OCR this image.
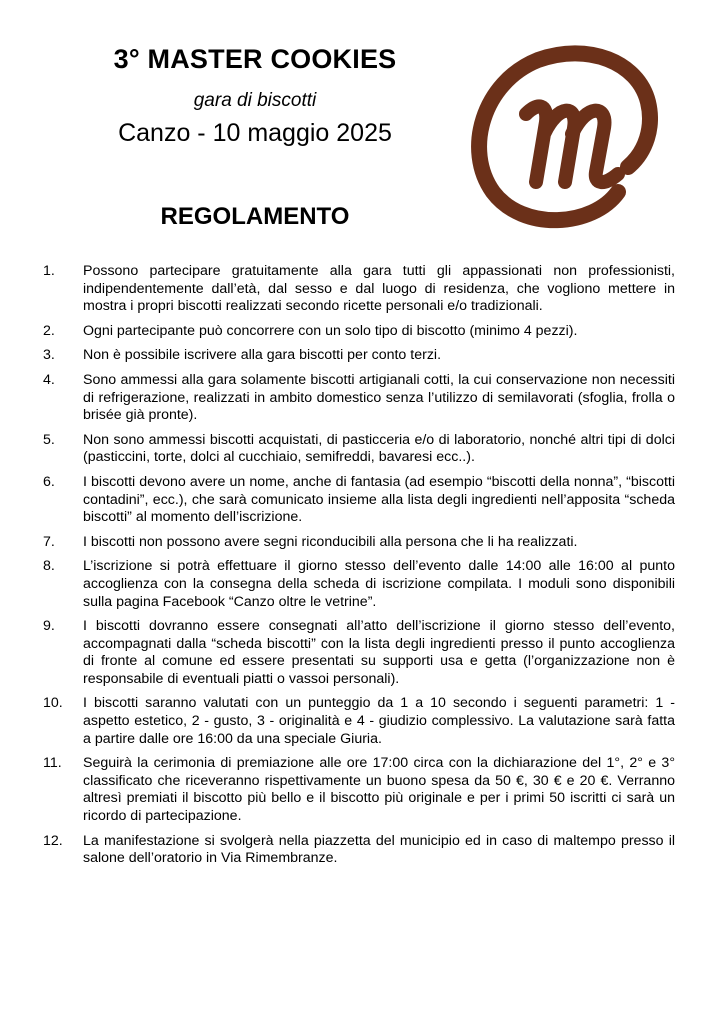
3° MASTER COOKIES
gara di biscotti
Canzo - 10 maggio 2025
REGOLAMENTO
1.	Possono partecipare gratuitamente alla gara tutti gli appassionati non professionisti, indipendentemente dall’età, dal sesso e dal luogo di residenza, che vogliono mettere in mostra i propri biscotti realizzati secondo ricette personali e/o tradizionali.
2.	Ogni partecipante può concorrere con un solo tipo di biscotto (minimo 4 pezzi).
3.	Non è possibile iscrivere alla gara biscotti per conto terzi.
4.	Sono ammessi alla gara solamente biscotti artigianali cotti, la cui conservazione non necessiti di refrigerazione, realizzati in ambito domestico senza l’utilizzo di semilavorati (sfoglia, frolla o brisée già pronte).
5.	Non sono ammessi biscotti acquistati, di pasticceria e/o di laboratorio, nonché altri tipi di dolci (pasticcini, torte, dolci al cucchiaio, semifreddi, bavaresi ecc..).
6.	I biscotti devono avere un nome, anche di fantasia (ad esempio “biscotti della nonna”, “biscotti contadini”, ecc.), che sarà comunicato insieme alla lista degli ingredienti nell’apposita “scheda biscotti” al momento dell’iscrizione.
7.	I biscotti non possono avere segni riconducibili alla persona che li ha realizzati.
8.	L’iscrizione si potrà effettuare il giorno stesso dell’evento dalle 14:00 alle 16:00 al punto accoglienza con la consegna della scheda di iscrizione compilata. I moduli sono disponibili sulla pagina Facebook “Canzo oltre le vetrine”.
9.	I biscotti dovranno essere consegnati all’atto dell’iscrizione il giorno stesso dell’evento, accompagnati dalla “scheda biscotti” con la lista degli ingredienti presso il punto accoglienza di fronte al comune ed essere presentati su supporti usa e getta (l’organizzazione non è responsabile di eventuali piatti o vassoi personali).
10.	I biscotti saranno valutati con un punteggio da 1 a 10 secondo i seguenti parametri: 1 - aspetto estetico, 2 - gusto, 3 - originalità e 4 - giudizio complessivo. La valutazione sarà fatta a partire dalle ore 16:00 da una speciale Giuria.
11.	Seguirà la cerimonia di premiazione alle ore 17:00 circa con la dichiarazione del 1°, 2° e 3° classificato che riceveranno rispettivamente un buono spesa da 50 €, 30 € e 20 €. Verranno altresì premiati il biscotto più bello e il biscotto più originale e per i primi 50 iscritti ci sarà un ricordo di partecipazione.
12.	La manifestazione si svolgerà nella piazzetta del municipio ed in caso di maltempo presso il salone dell’oratorio in Via Rimembranze.
